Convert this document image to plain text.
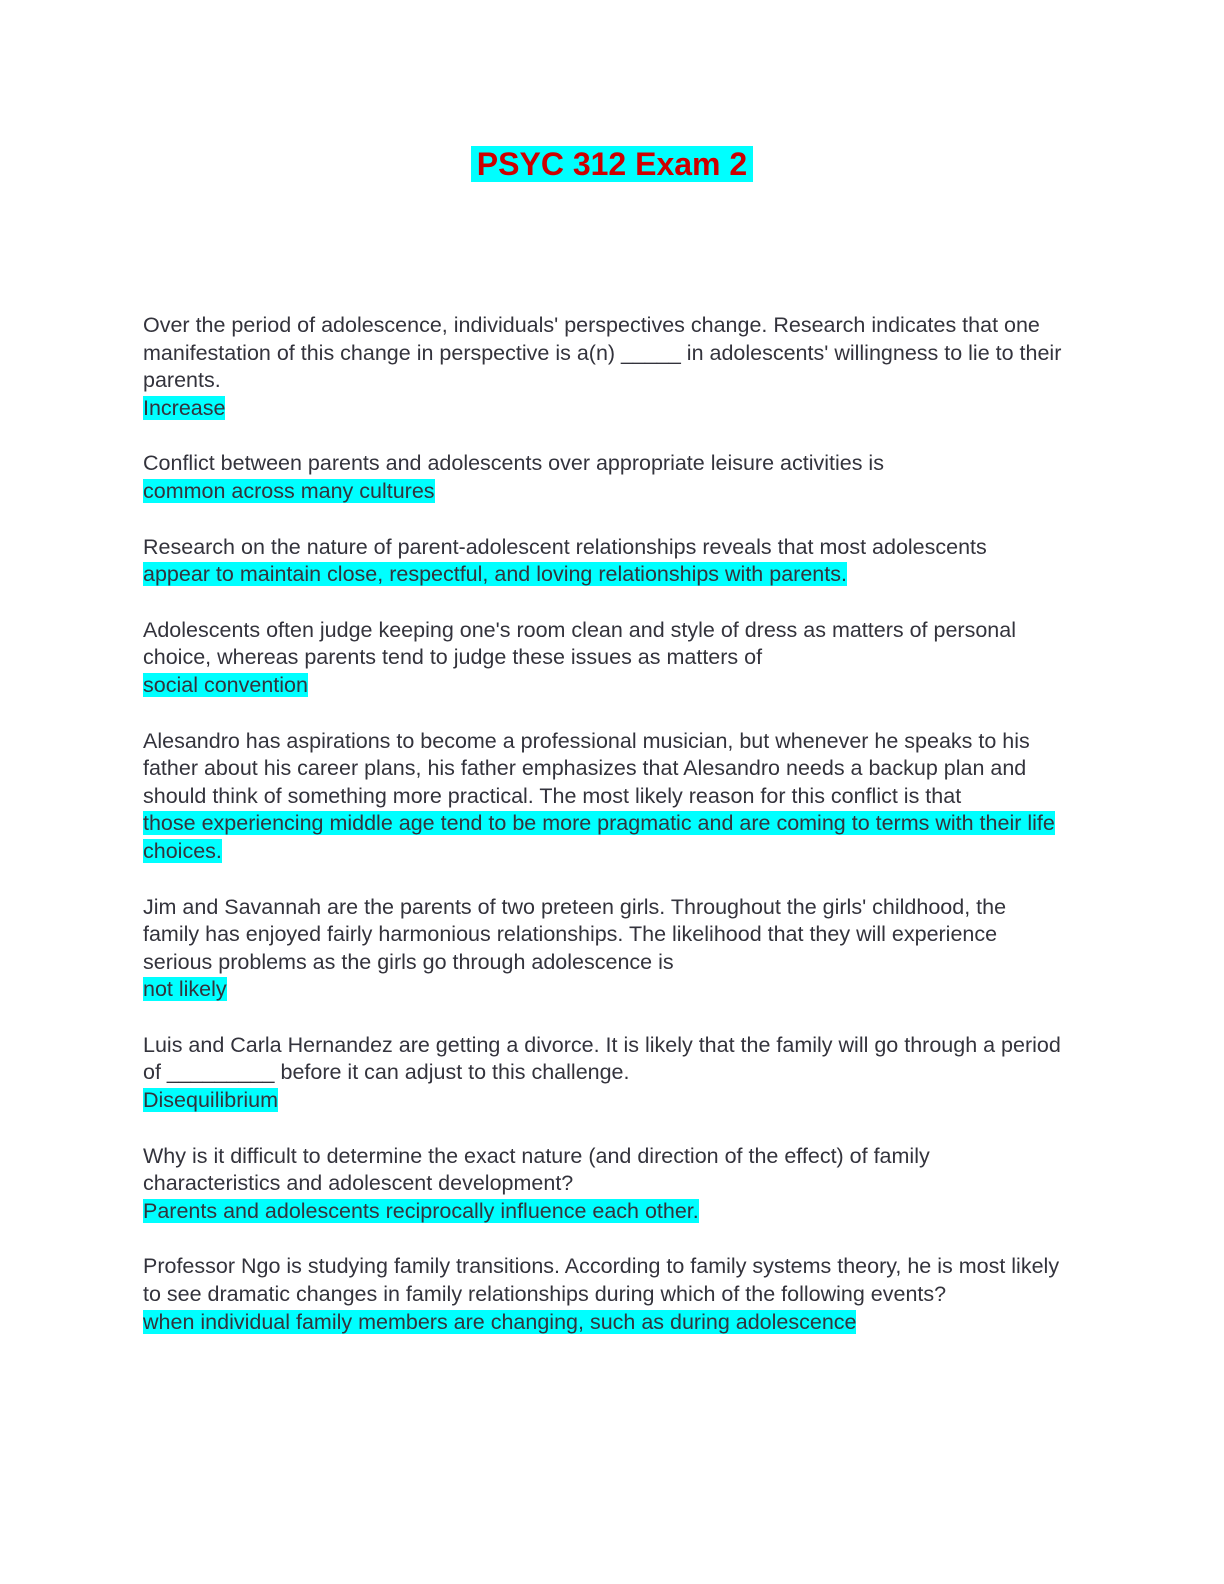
PSYC 312 Exam 2
Over the period of adolescence, individuals' perspectives change. Research indicates that one manifestation of this change in perspective is a(n) _____ in adolescents' willingness to lie to their parents.
Increase
Conflict between parents and adolescents over appropriate leisure activities is
common across many cultures
Research on the nature of parent-adolescent relationships reveals that most adolescents
appear to maintain close, respectful, and loving relationships with parents.
Adolescents often judge keeping one's room clean and style of dress as matters of personal choice, whereas parents tend to judge these issues as matters of
social convention
Alesandro has aspirations to become a professional musician, but whenever he speaks to his father about his career plans, his father emphasizes that Alesandro needs a backup plan and should think of something more practical. The most likely reason for this conflict is that
those experiencing middle age tend to be more pragmatic and are coming to terms with their life choices.
Jim and Savannah are the parents of two preteen girls. Throughout the girls' childhood, the family has enjoyed fairly harmonious relationships. The likelihood that they will experience serious problems as the girls go through adolescence is
not likely
Luis and Carla Hernandez are getting a divorce. It is likely that the family will go through a period of _________ before it can adjust to this challenge.
Disequilibrium
Why is it difficult to determine the exact nature (and direction of the effect) of family characteristics and adolescent development?
Parents and adolescents reciprocally influence each other.
Professor Ngo is studying family transitions. According to family systems theory, he is most likely to see dramatic changes in family relationships during which of the following events?
when individual family members are changing, such as during adolescence
